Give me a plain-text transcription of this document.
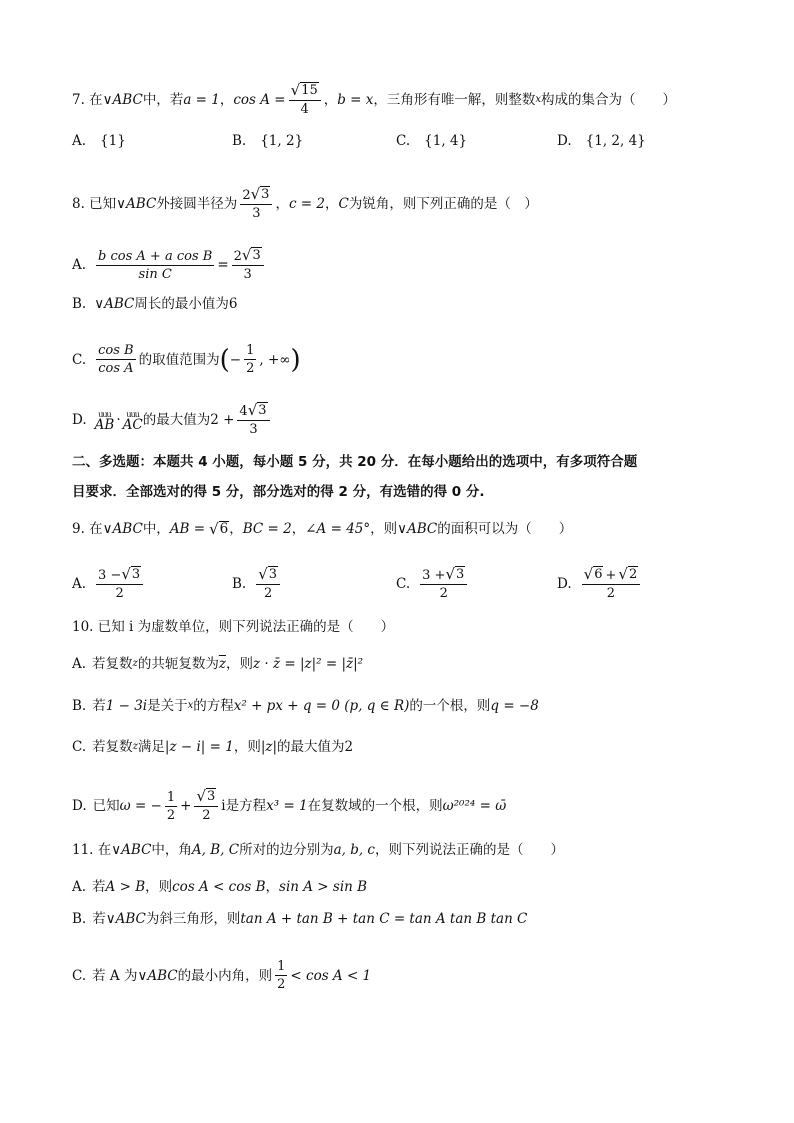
7. 在 ∨ABC 中，若 a = 1 ， $\cos A = \frac{√ 15}{4}$ ， b = x ，三角形有唯一解，则整数 x 构成的集合为（　　）
A. {1}	B. {1, 2}	C. {1, 4}	D. {1, 2, 4}
8. 已知 ∨ABC 外接圆半径为 $\frac{2 √ 3}{3}$ ， c = 2 ， C 为锐角，则下列正确的是（　）
A. $\frac{\text{b cos A + a cos B}}{\text{sin C}} = \frac{2 √ 3}{3}$
B. ∨ABC 周长的最小值为 6
C. $\frac{\text{cos B}}{\text{cos A}}$ 的取值范围为 ( − $\frac{1}{2}$ , +∞ )
D. uuu
AB · uuu
AC 的最大值为 $2 + \frac{4 √ 3}{3}$
二、多选题：本题共 4 小题，每小题 5 分，共 20 分．在每小题给出的选项中，有多项符合题
目要求．全部选对的得 5 分，部分选对的得 2 分，有选错的得 0 分.
9. 在 ∨ABC 中， AB = √ 6 ， BC = 2 ， ∠A = 45° ，则 ∨ABC 的面积可以为（　　）
A. $\frac{3 - √ 3}{2}$	B. $\frac{√ 3}{2}$	C. $\frac{3 + √ 3}{2}$	D. $\frac{√ 6 + √ 2}{2}$
10. 已知 i 为虚数单位，则下列说法正确的是（　　）
A. 若复数 z 的共轭复数为 $\overline{z}$ ，则 z · z̄ = |z|² = |z̄|²
B. 若 1 − 3i 是关于 x 的方程 x² + px + q = 0 (p, q ∈ R) 的一个根，则 q = −8
C. 若复数 z 满足 |z − i| = 1 ，则 |z| 的最大值为 2
D. 已知 ω = − $\frac{1}{2} + \frac{√ 3}{2}$ i 是方程 x³ = 1 在复数域的一个根，则 ω²⁰²⁴ = ω̄
11. 在 ∨ABC 中，角 A, B, C 所对的边分别为 a, b, c ，则下列说法正确的是（　　）
A. 若 A > B ，则 cos A < cos B ， sin A > sin B
B. 若 ∨ABC 为斜三角形，则 tan A + tan B + tan C = tan A tan B tan C
C. 若 A 为 ∨ABC 的最小内角，则 $\frac{1}{2} < \cos A < 1$
